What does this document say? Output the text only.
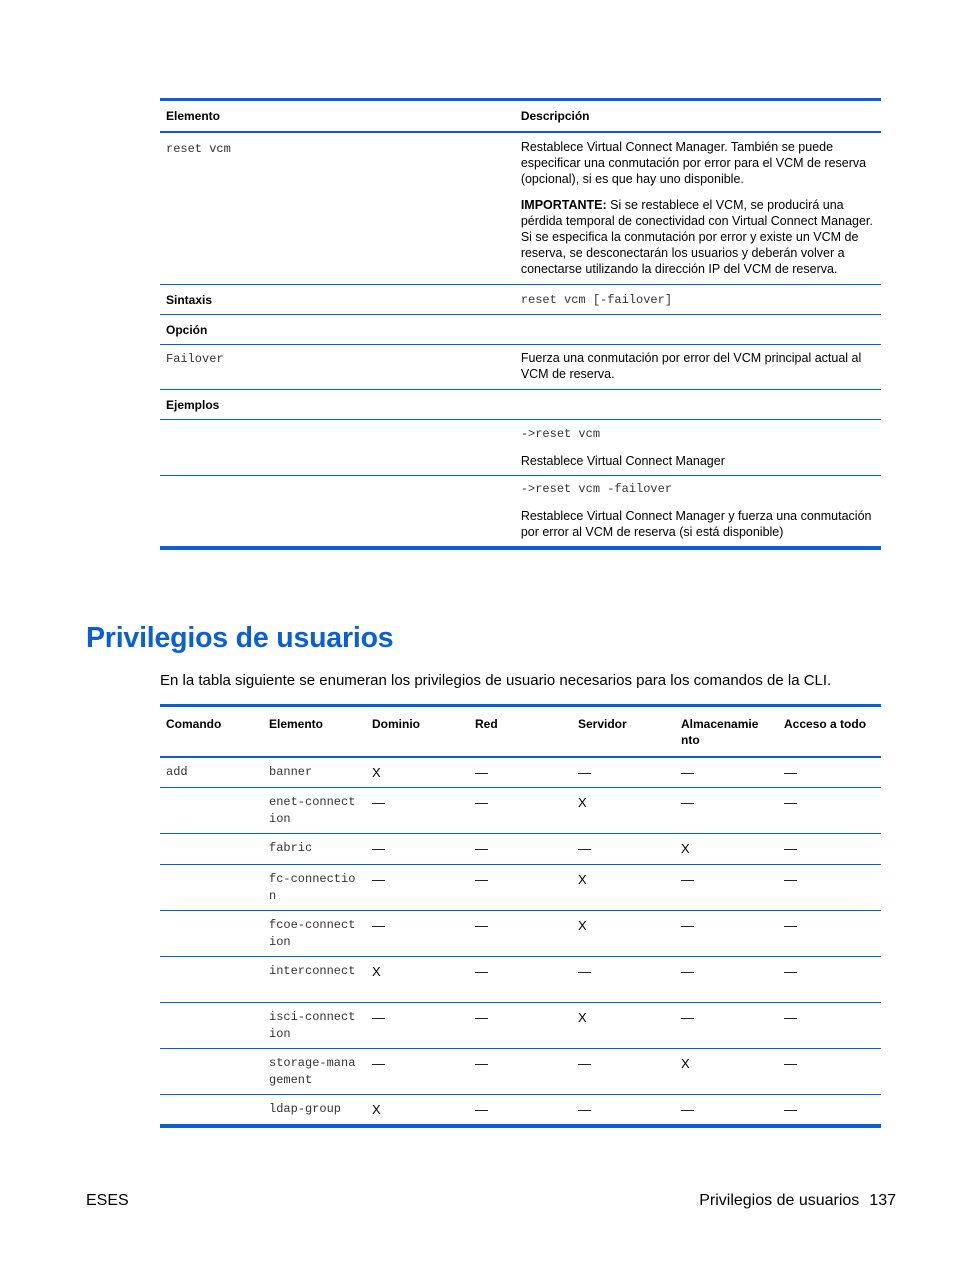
Elemento	Descripción
reset vcm	Restablece Virtual Connect Manager. También se puede especificar una conmutación por error para el VCM de reserva (opcional), si es que hay uno disponible.

IMPORTANTE: Si se restablece el VCM, se producirá una pérdida temporal de conectividad con Virtual Connect Manager. Si se especifica la conmutación por error y existe un VCM de reserva, se desconectarán los usuarios y deberán volver a conectarse utilizando la dirección IP del VCM de reserva.

Sintaxis	reset vcm [-failover]
Opción	
Failover	Fuerza una conmutación por error del VCM principal actual al VCM de reserva.
Ejemplos	

	->reset vcm

Restablece Virtual Connect Manager

	->reset vcm -failover

Restablece Virtual Connect Manager y fuerza una conmutación por error al VCM de reserva (si está disponible)

Privilegios de usuarios

En la tabla siguiente se enumeran los privilegios de usuario necesarios para los comandos de la CLI.

Comando	Elemento	Dominio	Red	Servidor	Almacenamie nto	Acceso a todo
add	banner	X	—	—	—	—
	enet-connection	—	—	X	—	—
	fabric	—	—	—	X	—
	fc-connection	—	—	X	—	—
	fcoe-connection	—	—	X	—	—
	interconnect	X	—	—	—	—
	isci-connection	—	—	X	—	—
	storage-management	—	—	—	X	—
	ldap-group	X	—	—	—	—

ESES	Privilegios de usuarios 137
